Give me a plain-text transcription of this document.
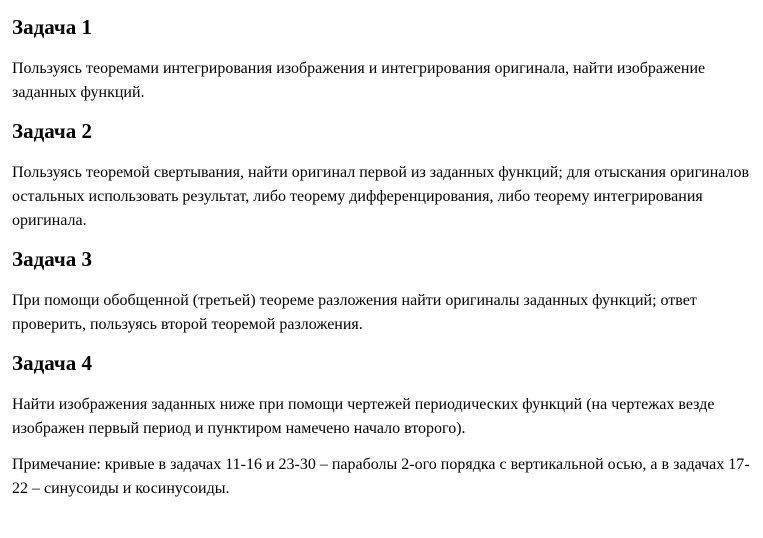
Задача 1

Пользуясь теоремами интегрирования изображения и интегрирования оригинала, найти изображение заданных функций.

Задача 2

Пользуясь теоремой свертывания, найти оригинал первой из заданных функций; для отыскания оригиналов остальных использовать результат, либо теорему дифференцирования, либо теорему интегрирования оригинала.

Задача 3

При помощи обобщенной (третьей) теореме разложения найти оригиналы заданных функций; ответ проверить, пользуясь второй теоремой разложения.

Задача 4

Найти изображения заданных ниже при помощи чертежей периодических функций (на чертежах везде изображен первый период и пунктиром намечено начало второго).

Примечание: кривые в задачах 11-16 и 23-30 – параболы 2-ого порядка с вертикальной осью, а в задачах 17-22 – синусоиды и косинусоиды.
